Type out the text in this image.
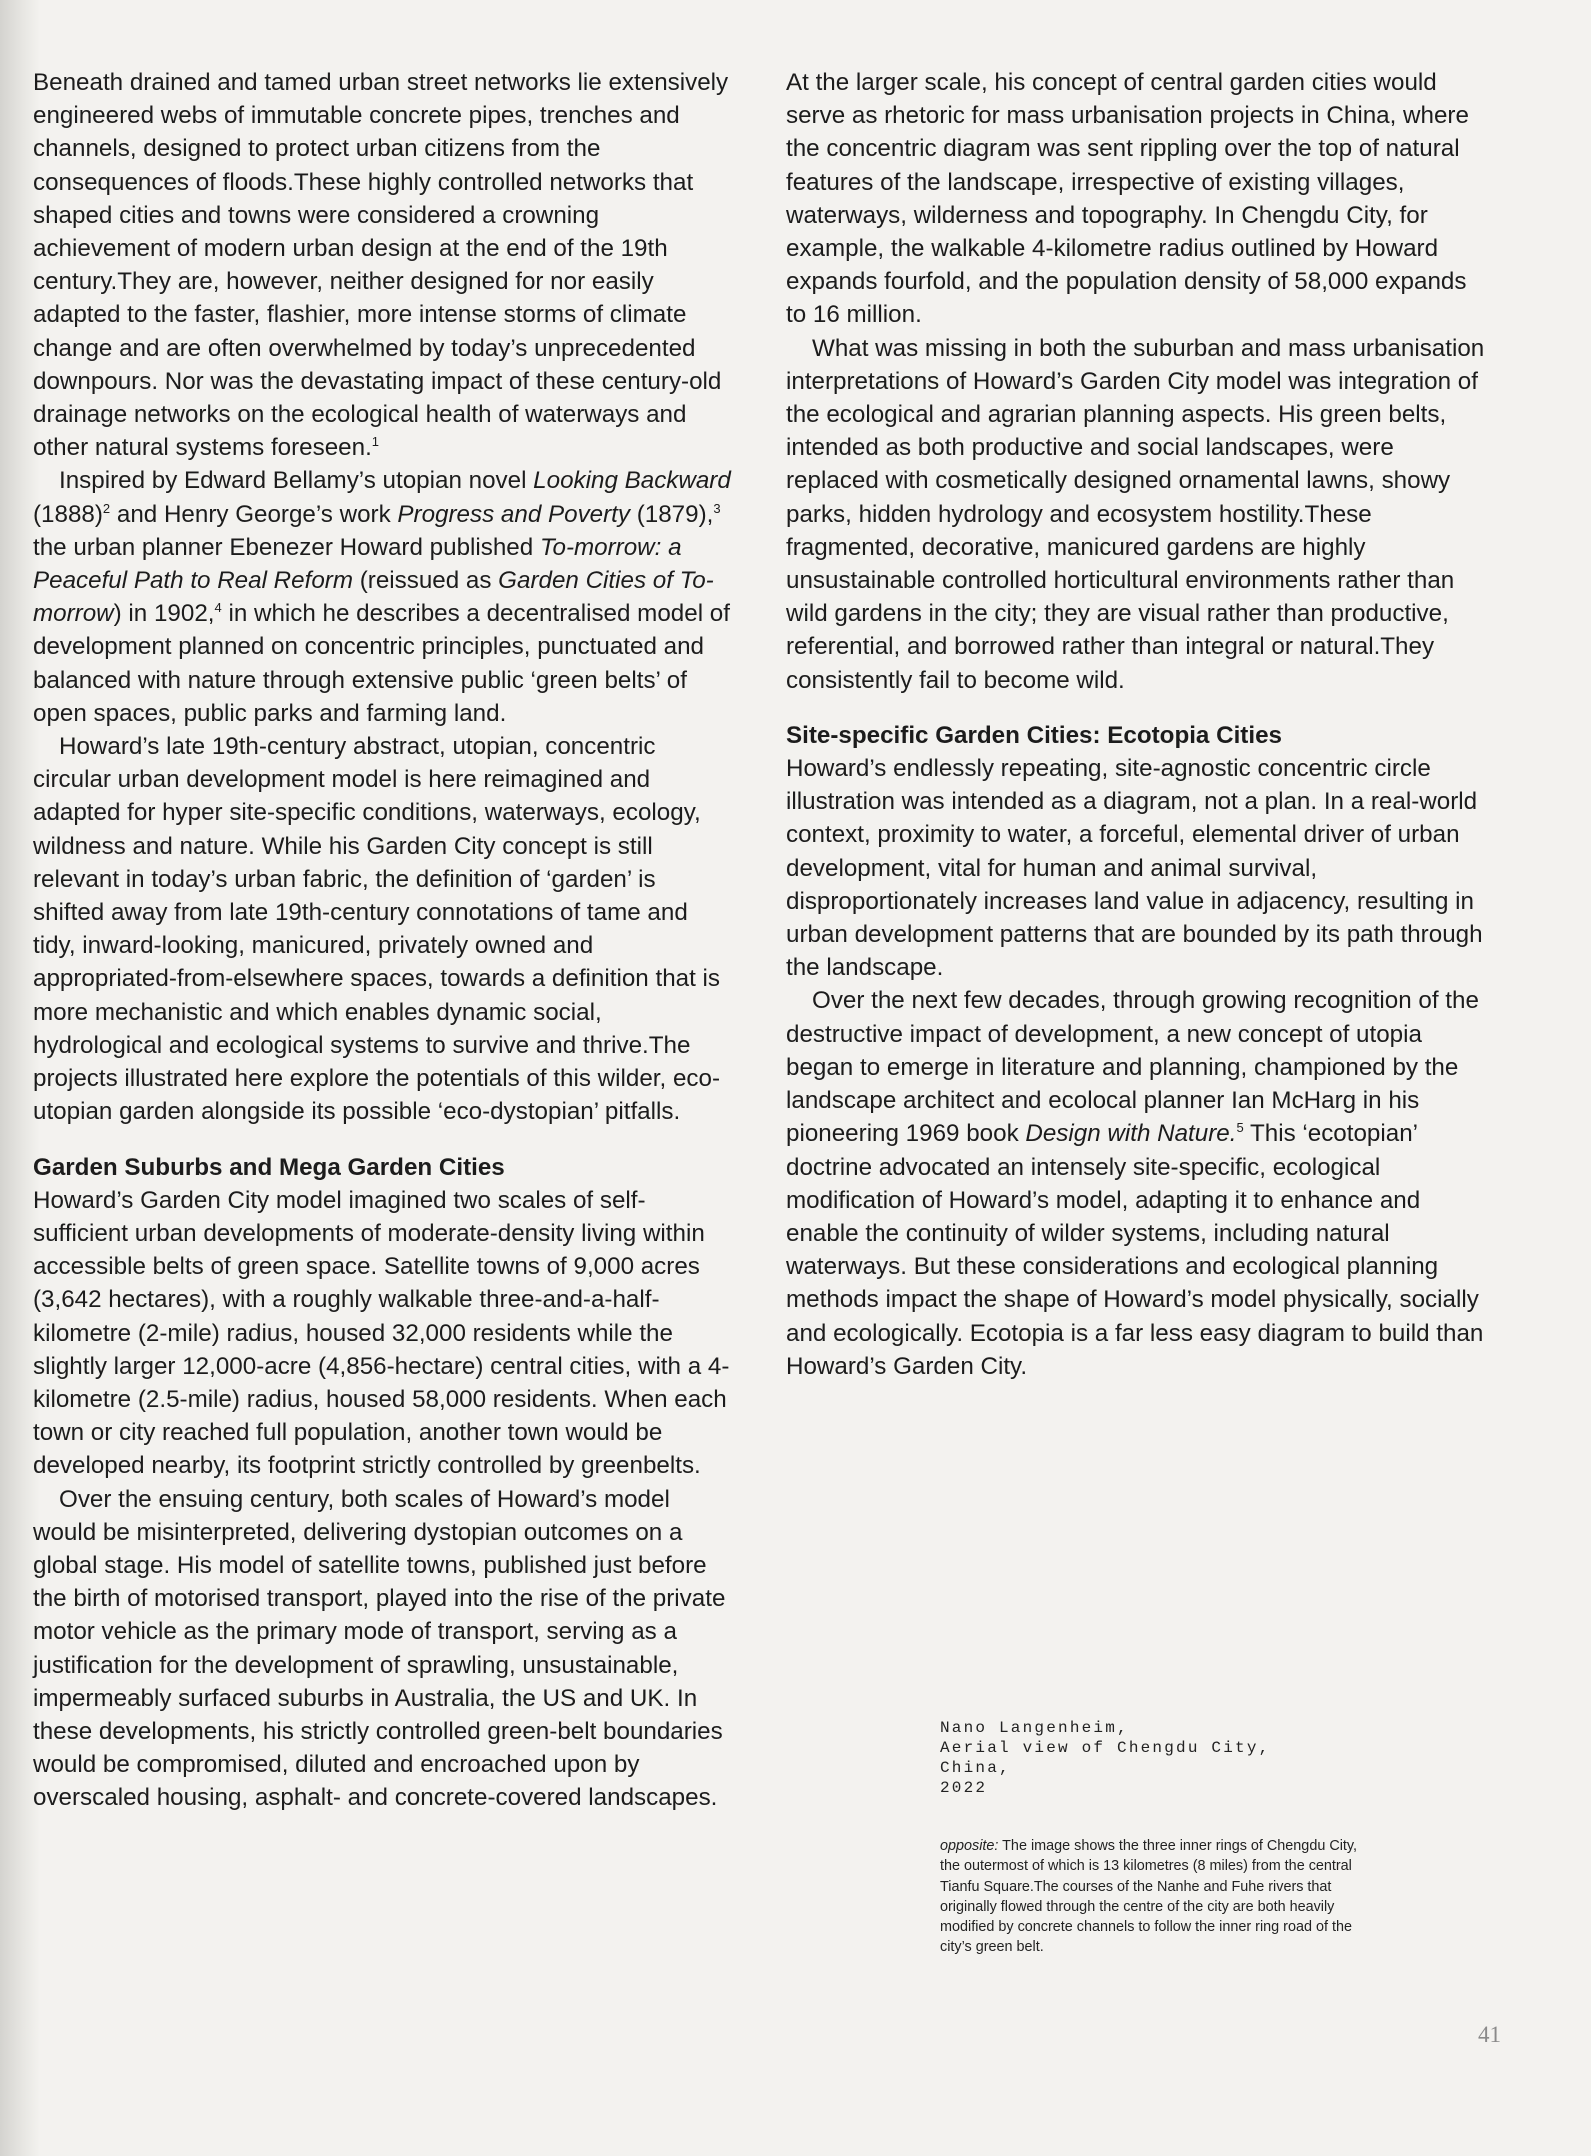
Beneath drained and tamed urban street networks lie extensively engineered webs of immutable concrete pipes, trenches and channels, designed to protect urban citizens from the consequences of floods.These highly controlled networks that shaped cities and towns were considered a crowning achievement of modern urban design at the end of the 19th century.They are, however, neither designed for nor easily adapted to the faster, flashier, more intense storms of climate change and are often overwhelmed by today’s unprecedented downpours. Nor was the devastating impact of these century-old drainage networks on the ecological health of waterways and other natural systems foreseen.$^1$

Inspired by Edward Bellamy’s utopian novel Looking Backward $(1888)^2$ and Henry George’s work Progress and Poverty (1879),$^3$ the urban planner Ebenezer Howard published To-morrow: a Peaceful Path to Real Reform (reissued as Garden Cities of To-morrow) in 1902,$^4$ in which he describes a decentralised model of development planned on concentric principles, punctuated and balanced with nature through extensive public ‘green belts’ of open spaces, public parks and farming land.

Howard’s late 19th-century abstract, utopian, concentric circular urban development model is here reimagined and adapted for hyper site-specific conditions, waterways, ecology, wildness and nature. While his Garden City concept is still relevant in today’s urban fabric, the definition of ‘garden’ is shifted away from late 19th-century connotations of tame and tidy, inward-looking, manicured, privately owned and appropriated-from-elsewhere spaces, towards a definition that is more mechanistic and which enables dynamic social, hydrological and ecological systems to survive and thrive.The projects illustrated here explore the potentials of this wilder, eco-utopian garden alongside its possible ‘eco-dystopian’ pitfalls.

Garden Suburbs and Mega Garden Cities

Howard’s Garden City model imagined two scales of self-sufficient urban developments of moderate-density living within accessible belts of green space. Satellite towns of 9,000 acres (3,642 hectares), with a roughly walkable three-and-a-half-kilometre (2-mile) radius, housed 32,000 residents while the slightly larger 12,000-acre (4,856-hectare) central cities, with a 4-kilometre (2.5-mile) radius, housed 58,000 residents. When each town or city reached full population, another town would be developed nearby, its footprint strictly controlled by greenbelts.

Over the ensuing century, both scales of Howard’s model would be misinterpreted, delivering dystopian outcomes on a global stage. His model of satellite towns, published just before the birth of motorised transport, played into the rise of the private motor vehicle as the primary mode of transport, serving as a justification for the development of sprawling, unsustainable, impermeably surfaced suburbs in Australia, the US and UK. In these developments, his strictly controlled green-belt boundaries would be compromised, diluted and encroached upon by overscaled housing, asphalt- and concrete-covered landscapes.

At the larger scale, his concept of central garden cities would serve as rhetoric for mass urbanisation projects in China, where the concentric diagram was sent rippling over the top of natural features of the landscape, irrespective of existing villages, waterways, wilderness and topography. In Chengdu City, for example, the walkable 4-kilometre radius outlined by Howard expands fourfold, and the population density of 58,000 expands to 16 million.

What was missing in both the suburban and mass urbanisation interpretations of Howard’s Garden City model was integration of the ecological and agrarian planning aspects. His green belts, intended as both productive and social landscapes, were replaced with cosmetically designed ornamental lawns, showy parks, hidden hydrology and ecosystem hostility.These fragmented, decorative, manicured gardens are highly unsustainable controlled horticultural environments rather than wild gardens in the city; they are visual rather than productive, referential, and borrowed rather than integral or natural.They consistently fail to become wild.

Site-specific Garden Cities: Ecotopia Cities

Howard’s endlessly repeating, site-agnostic concentric circle illustration was intended as a diagram, not a plan. In a real-world context, proximity to water, a forceful, elemental driver of urban development, vital for human and animal survival, disproportionately increases land value in adjacency, resulting in urban development patterns that are bounded by its path through the landscape.

Over the next few decades, through growing recognition of the destructive impact of development, a new concept of utopia began to emerge in literature and planning, championed by the landscape architect and ecolocal planner Ian McHarg in his pioneering 1969 book Design with Nature.$^5$ This ‘ecotopian’ doctrine advocated an intensely site-specific, ecological modification of Howard’s model, adapting it to enhance and enable the continuity of wilder systems, including natural waterways. But these considerations and ecological planning methods impact the shape of Howard’s model physically, socially and ecologically. Ecotopia is a far less easy diagram to build than Howard’s Garden City.

Nano Langenheim,
Aerial view of Chengdu City,
China,
2022
opposite: The image shows the three inner rings of Chengdu City, the outermost of which is 13 kilometres (8 miles) from the central Tianfu Square.The courses of the Nanhe and Fuhe rivers that originally flowed through the centre of the city are both heavily modified by concrete channels to follow the inner ring road of the city’s green belt.
41
